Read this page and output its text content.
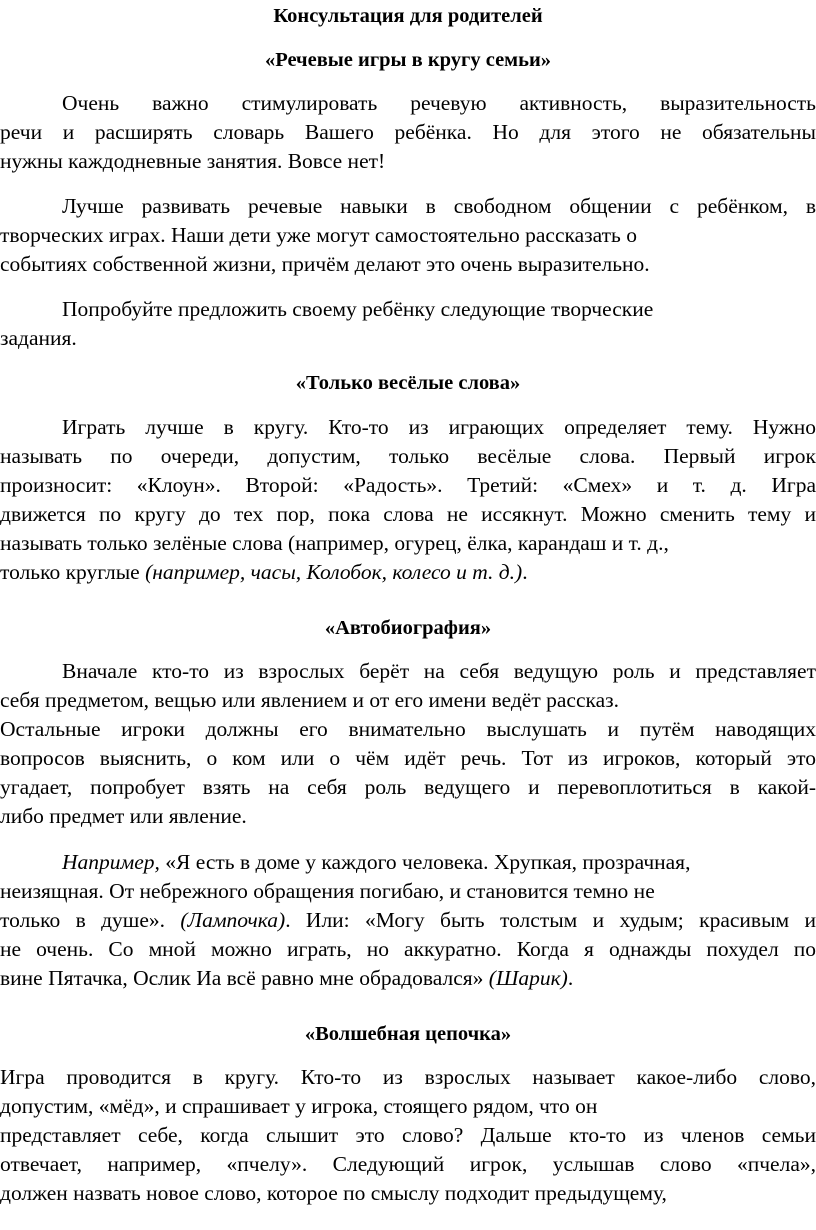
Консультация для родителей
«Речевые игры в кругу семьи»
Очень важно стимулировать речевую активность, выразительность
речи и расширять словарь Вашего ребёнка. Но для этого не обязательны
нужны каждодневные занятия. Вовсе нет!
Лучше развивать речевые навыки в свободном общении с ребёнком, в
творческих играх. Наши дети уже могут самостоятельно рассказать о
событиях собственной жизни, причём делают это очень выразительно.
Попробуйте предложить своему ребёнку следующие творческие
задания.
«Только весёлые слова»
Играть лучше в кругу. Кто-то из играющих определяет тему. Нужно
называть по очереди, допустим, только весёлые слова. Первый игрок
произносит: «Клоун». Второй: «Радость». Третий: «Смех» и т. д. Игра
движется по кругу до тех пор, пока слова не иссякнут. Можно сменить тему и
называть только зелёные слова (например, огурец, ёлка, карандаш и т. д.,
только круглые (например, часы, Колобок, колесо и т. д.).
«Автобиография»
Вначале кто-то из взрослых берёт на себя ведущую роль и представляет
себя предметом, вещью или явлением и от его имени ведёт рассказ.
Остальные игроки должны его внимательно выслушать и путём наводящих
вопросов выяснить, о ком или о чём идёт речь. Тот из игроков, который это
угадает, попробует взять на себя роль ведущего и перевоплотиться в какой-
либо предмет или явление.
Например, «Я есть в доме у каждого человека. Хрупкая, прозрачная,
неизящная. От небрежного обращения погибаю, и становится темно не
только в душе». (Лампочка). Или: «Могу быть толстым и худым; красивым и
не очень. Со мной можно играть, но аккуратно. Когда я однажды похудел по
вине Пятачка, Ослик Иа всё равно мне обрадовался» (Шарик).
«Волшебная цепочка»
Игра проводится в кругу. Кто-то из взрослых называет какое-либо слово,
допустим, «мёд», и спрашивает у игрока, стоящего рядом, что он
представляет себе, когда слышит это слово? Дальше кто-то из членов семьи
отвечает, например, «пчелу». Следующий игрок, услышав слово «пчела»,
должен назвать новое слово, которое по смыслу подходит предыдущему,
